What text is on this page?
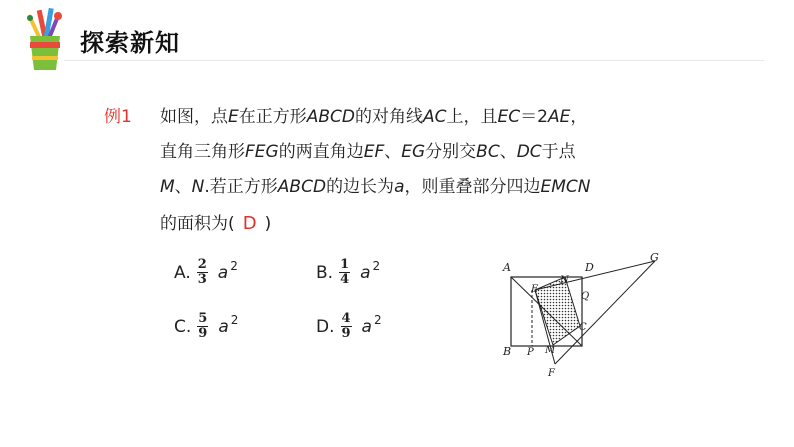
探索新知
例1 如图，点E在正方形ABCD的对角线AC上，且EC＝2AE，
直角三角形FEG的两直角边EF、EG分别交BC、DC于点
M、N.若正方形ABCD的边长为a，则重叠部分四边EMCN
的面积为( D )
A. $\frac{2}{3}$ a 2	B. $\frac{1}{4}$ a 2
C. $\frac{5}{9}$ a 2	D. $\frac{4}{9}$ a 2
A	D
G
N
E
Q
C
B P M
F
